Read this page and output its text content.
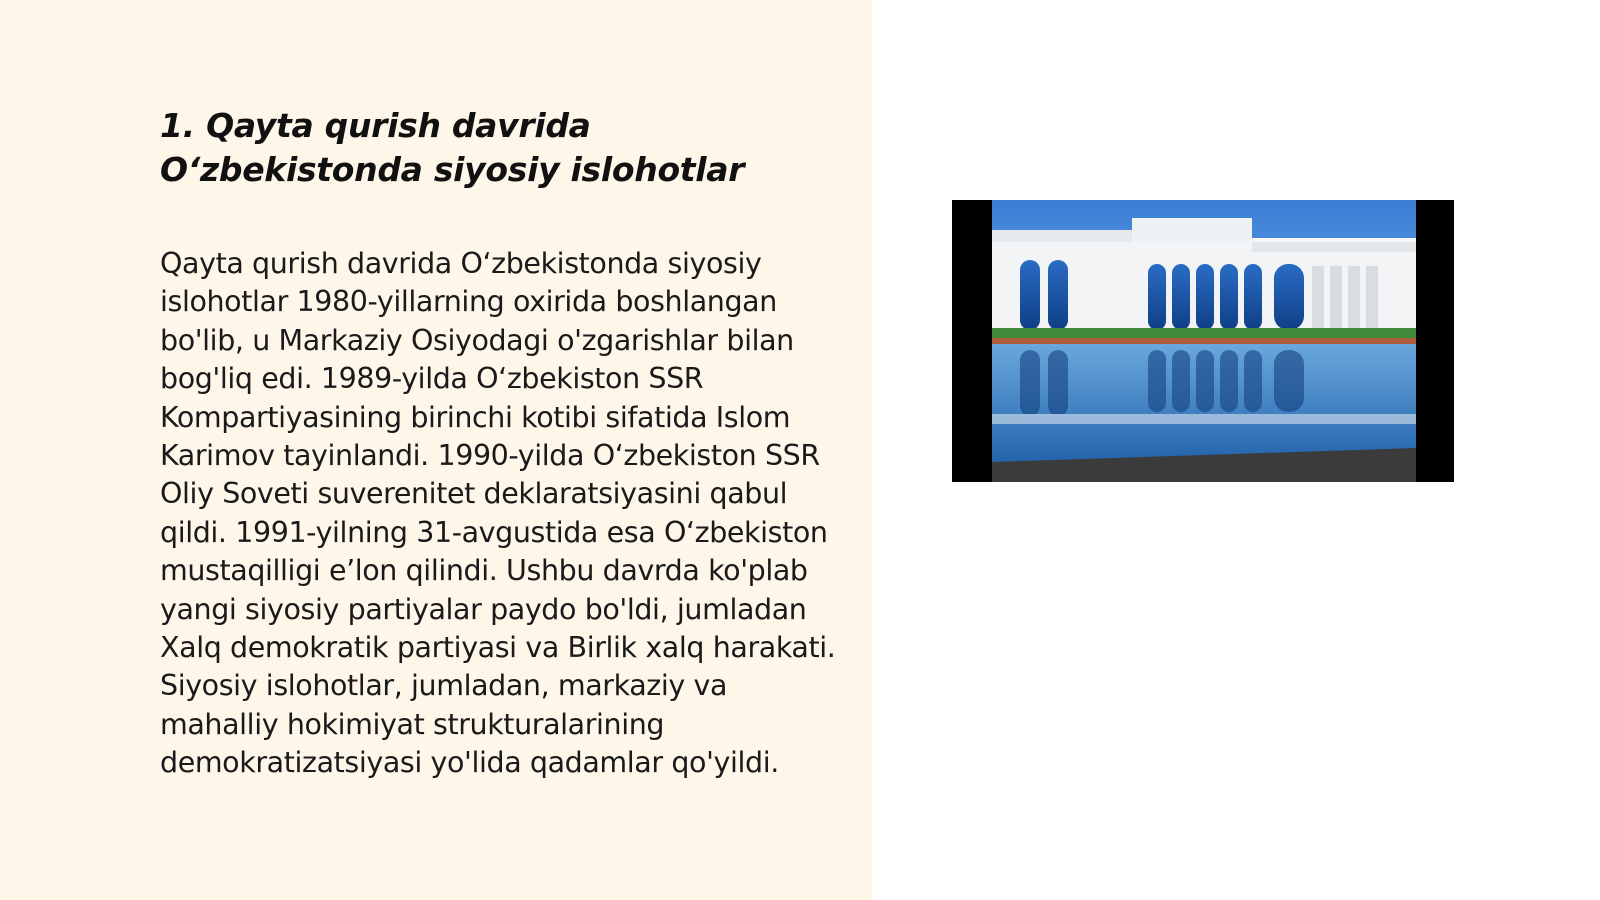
1. Qayta qurish davrida O‘zbekistonda siyosiy islohotlar

Qayta qurish davrida O‘zbekistonda siyosiy islohotlar 1980-yillarning oxirida boshlangan bo'lib, u Markaziy Osiyodagi o'zgarishlar bilan bog'liq edi. 1989-yilda O‘zbekiston SSR Kompartiyasining birinchi kotibi sifatida Islom Karimov tayinlandi. 1990-yilda O‘zbekiston SSR Oliy Soveti suverenitet deklaratsiyasini qabul qildi. 1991-yilning 31-avgustida esa O‘zbekiston mustaqilligi e’lon qilindi. Ushbu davrda ko'plab yangi siyosiy partiyalar paydo bo'ldi, jumladan Xalq demokratik partiyasi va Birlik xalq harakati. Siyosiy islohotlar, jumladan, markaziy va mahalliy hokimiyat strukturalarining demokratizatsiyasi yo'lida qadamlar qo'yildi.
